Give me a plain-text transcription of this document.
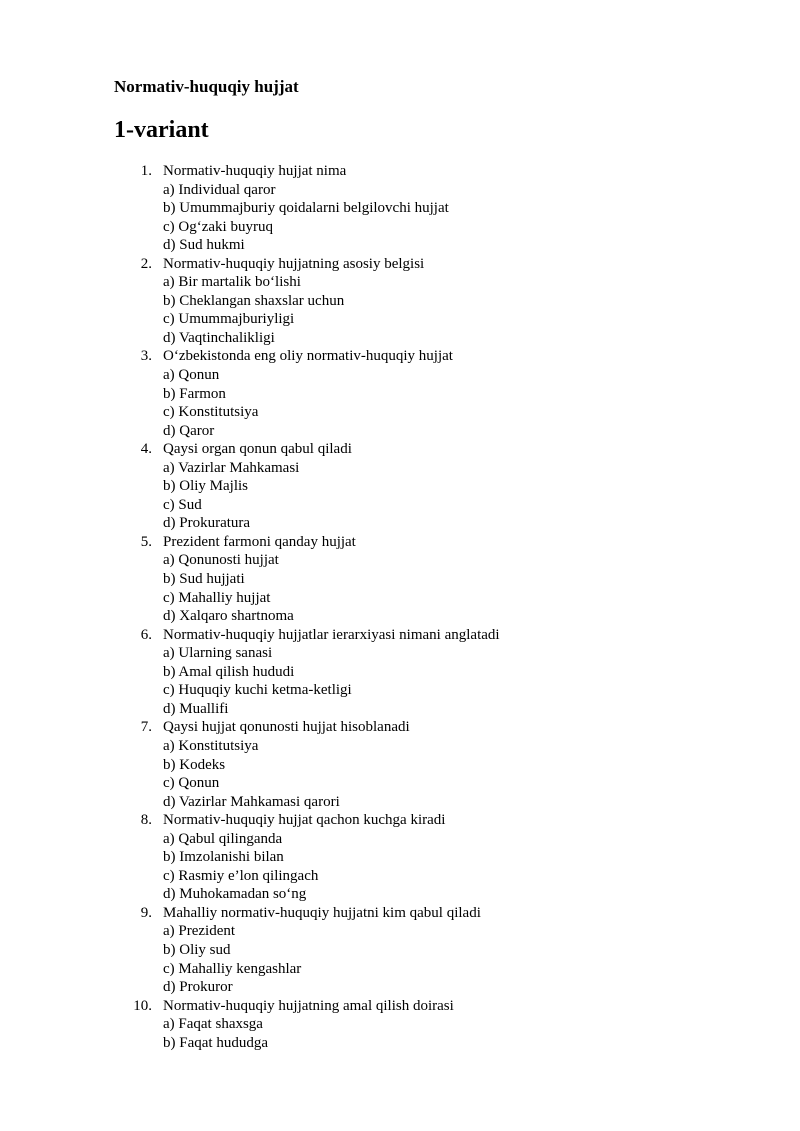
Normativ-huquqiy hujjat

1-variant
1. Normativ-huquqiy hujjat nima
a) Individual qaror
b) Umummajburiy qoidalarni belgilovchi hujjat
c) Og‘zaki buyruq
d) Sud hukmi
2. Normativ-huquqiy hujjatning asosiy belgisi
a) Bir martalik bo‘lishi
b) Cheklangan shaxslar uchun
c) Umummajburiyligi
d) Vaqtinchalikligi
3. O‘zbekistonda eng oliy normativ-huquqiy hujjat
a) Qonun
b) Farmon
c) Konstitutsiya
d) Qaror
4. Qaysi organ qonun qabul qiladi
a) Vazirlar Mahkamasi
b) Oliy Majlis
c) Sud
d) Prokuratura
5. Prezident farmoni qanday hujjat
a) Qonunosti hujjat
b) Sud hujjati
c) Mahalliy hujjat
d) Xalqaro shartnoma
6. Normativ-huquqiy hujjatlar ierarxiyasi nimani anglatadi
a) Ularning sanasi
b) Amal qilish hududi
c) Huquqiy kuchi ketma-ketligi
d) Muallifi
7. Qaysi hujjat qonunosti hujjat hisoblanadi
a) Konstitutsiya
b) Kodeks
c) Qonun
d) Vazirlar Mahkamasi qarori
8. Normativ-huquqiy hujjat qachon kuchga kiradi
a) Qabul qilinganda
b) Imzolanishi bilan
c) Rasmiy e’lon qilingach
d) Muhokamadan so‘ng
9. Mahalliy normativ-huquqiy hujjatni kim qabul qiladi
a) Prezident
b) Oliy sud
c) Mahalliy kengashlar
d) Prokuror
10. Normativ-huquqiy hujjatning amal qilish doirasi
a) Faqat shaxsga
b) Faqat hududga
